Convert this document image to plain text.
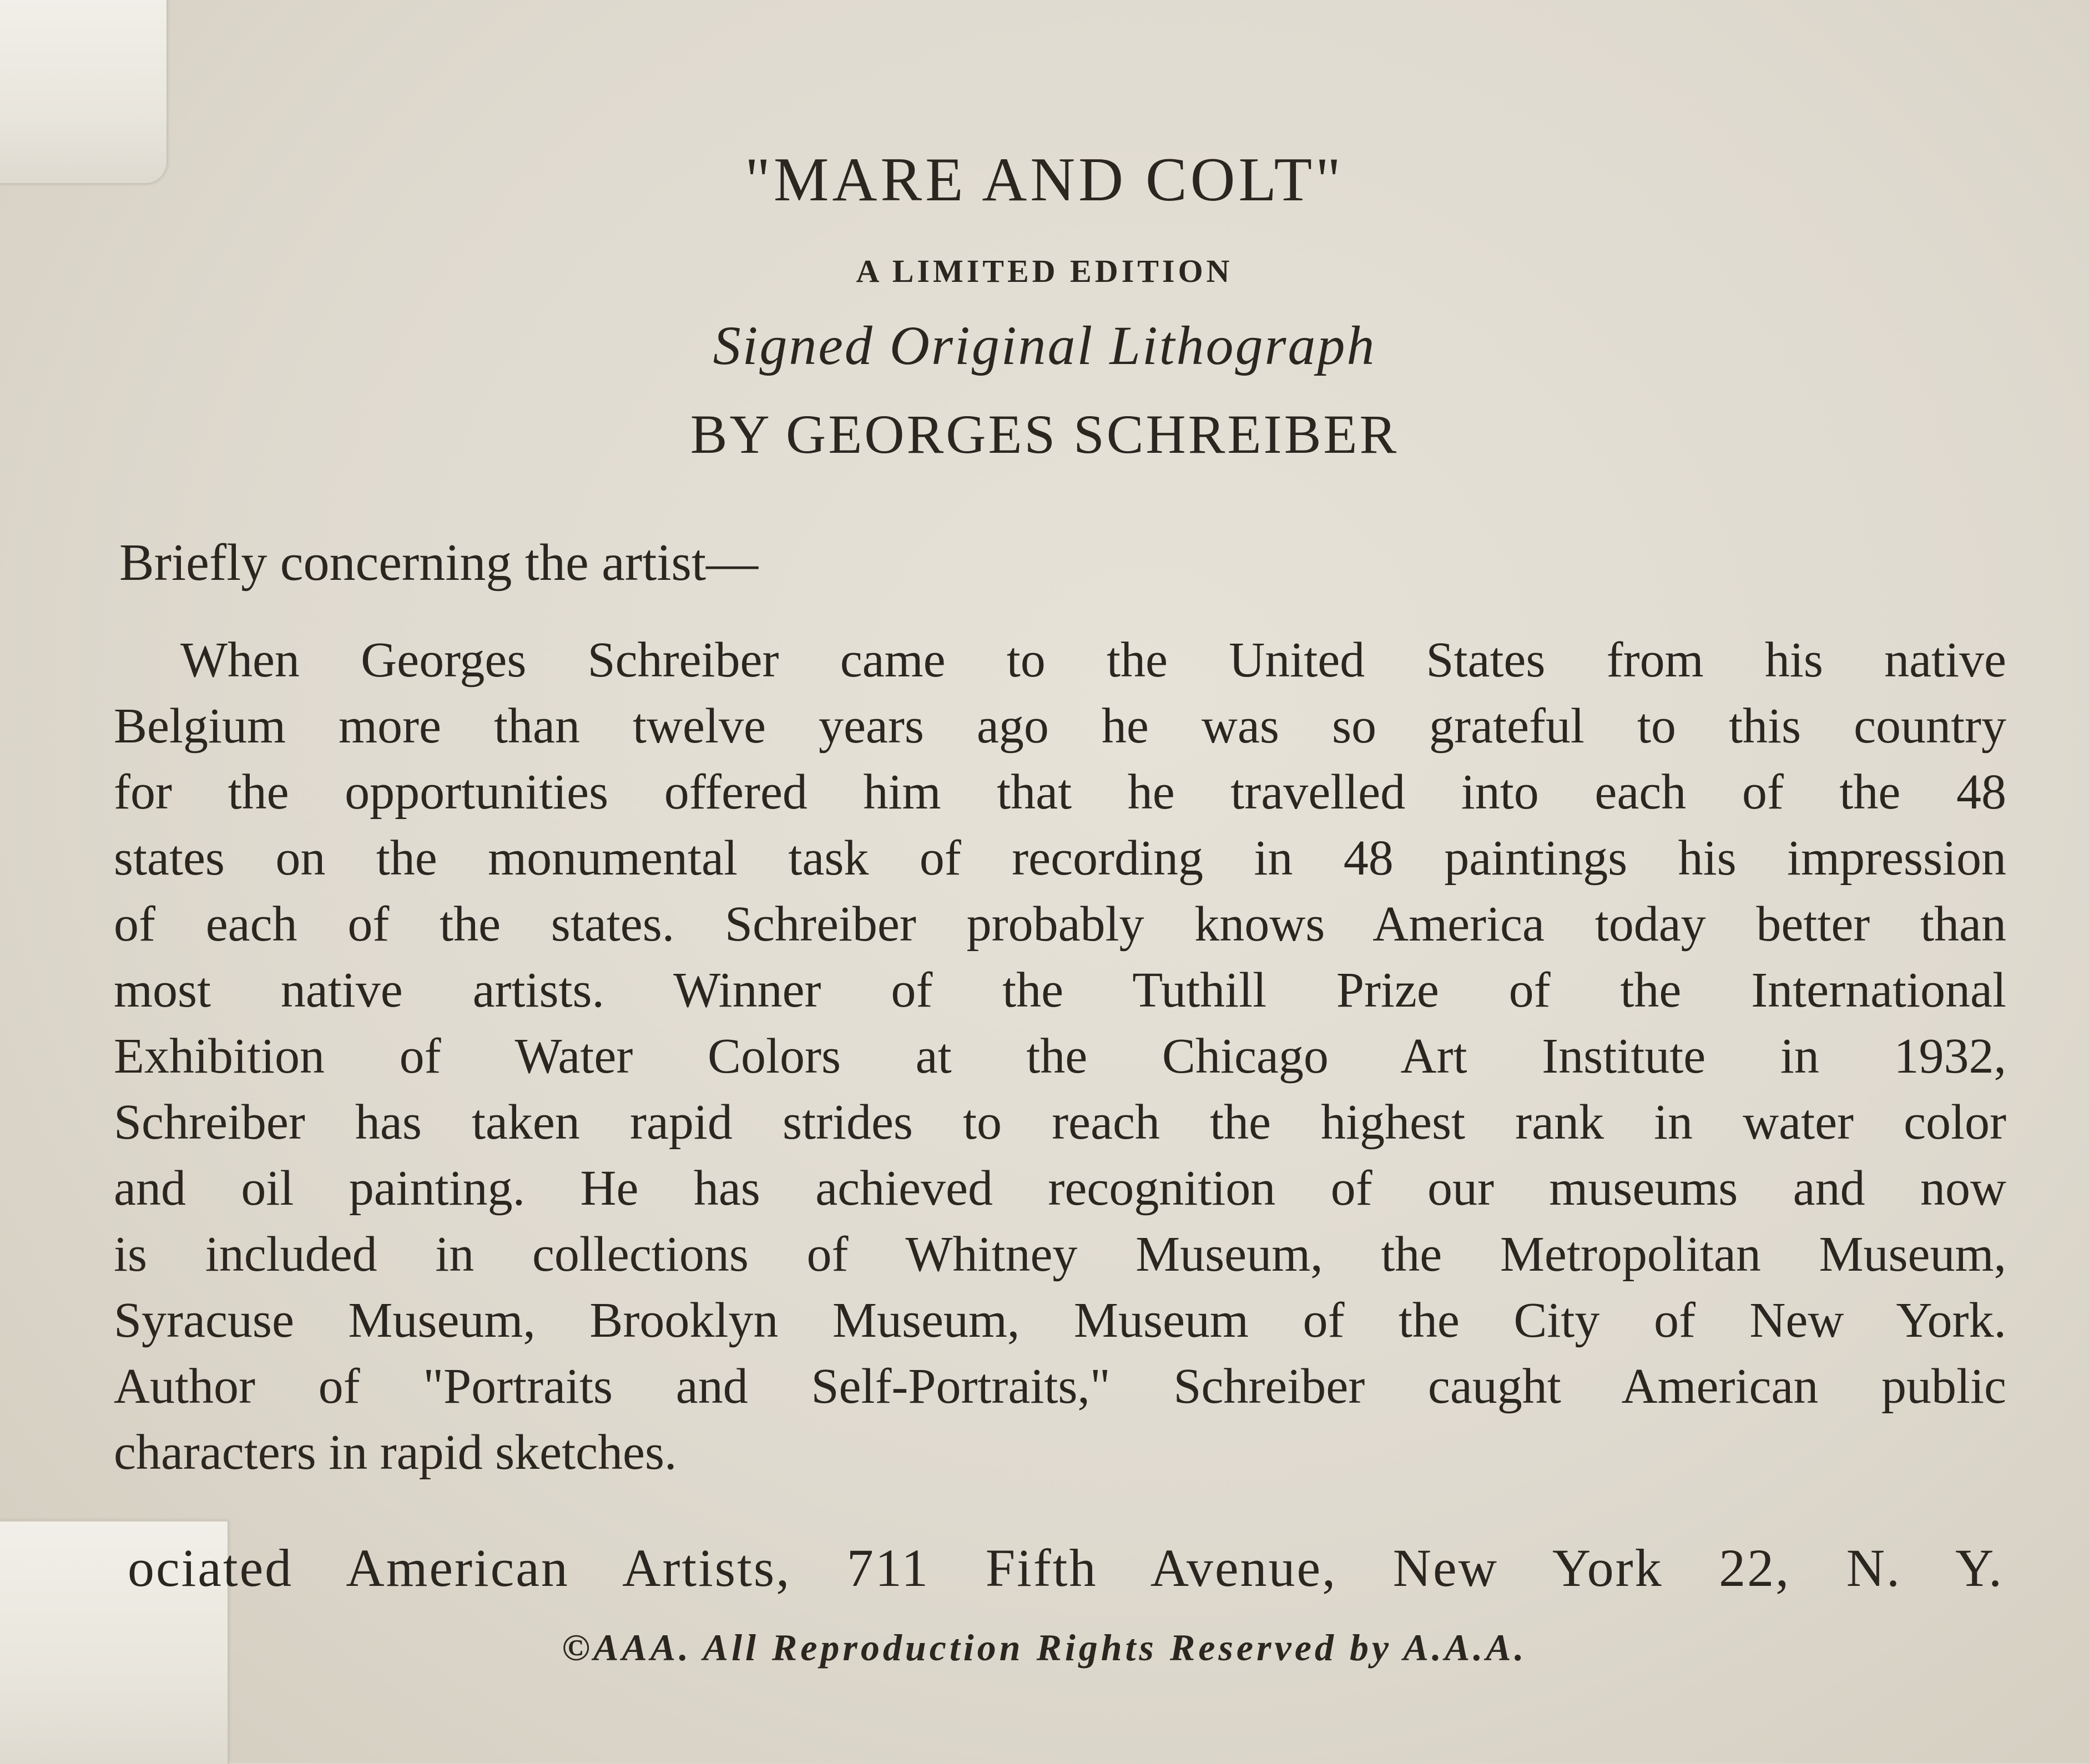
"MARE AND COLT"
A LIMITED EDITION
Signed Original Lithograph
BY GEORGES SCHREIBER
Briefly concerning the artist—
When Georges Schreiber came to the United States from his native
Belgium more than twelve years ago he was so grateful to this country
for the opportunities offered him that he travelled into each of the 48
states on the monumental task of recording in 48 paintings his impression
of each of the states. Schreiber probably knows America today better than
most native artists. Winner of the Tuthill Prize of the International
Exhibition of Water Colors at the Chicago Art Institute in 1932,
Schreiber has taken rapid strides to reach the highest rank in water color
and oil painting. He has achieved recognition of our museums and now
is included in collections of Whitney Museum, the Metropolitan Museum,
Syracuse Museum, Brooklyn Museum, Museum of the City of New York.
Author of "Portraits and Self-Portraits," Schreiber caught American public
characters in rapid sketches.
ociated American Artists, 711 Fifth Avenue, New York 22, N. Y.
©AAA. All Reproduction Rights Reserved by A.A.A.
